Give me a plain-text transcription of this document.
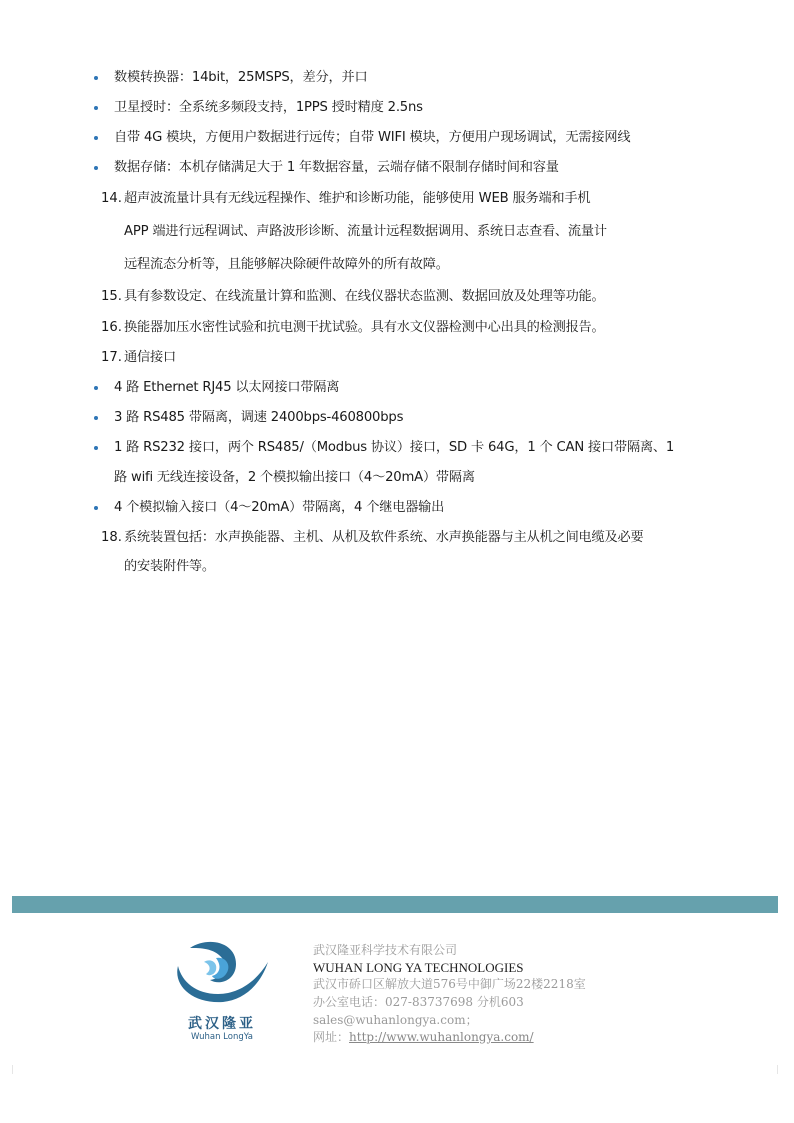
数模转换器：14bit，25MSPS，差分，并口
卫星授时：全系统多频段支持，1PPS 授时精度 2.5ns
自带 4G 模块，方便用户数据进行远传；自带 WIFI 模块，方便用户现场调试，无需接网线
数据存储：本机存储满足大于 1 年数据容量，云端存储不限制存储时间和容量
14. 超声波流量计具有无线远程操作、维护和诊断功能，能够使用 WEB 服务端和手机
APP 端进行远程调试、声路波形诊断、流量计远程数据调用、系统日志查看、流量计
远程流态分析等，且能够解决除硬件故障外的所有故障。
15. 具有参数设定、在线流量计算和监测、在线仪器状态监测、数据回放及处理等功能。
16. 换能器加压水密性试验和抗电测干扰试验。具有水文仪器检测中心出具的检测报告。
17. 通信接口
4 路 Ethernet RJ45 以太网接口带隔离
3 路 RS485 带隔离，调速 2400bps-460800bps
1 路 RS232 接口，两个 RS485/（Modbus 协议）接口，SD 卡 64G，1 个 CAN 接口带隔离、1
路 wifi 无线连接设备，2 个模拟输出接口（4～20mA）带隔离
4 个模拟输入接口（4～20mA）带隔离，4 个继电器输出
18. 系统装置包括：水声换能器、主机、从机及软件系统、水声换能器与主从机之间电缆及必要
的安装附件等。
武汉隆亚
Wuhan LongYa
武汉隆亚科学技术有限公司
WUHAN LONG YA TECHNOLOGIES
武汉市硚口区解放大道576号中御广场22楼2218室
办公室电话：027-83737698 分机603
sales@wuhanlongya.com；
网址：http://www.wuhanlongya.com/
